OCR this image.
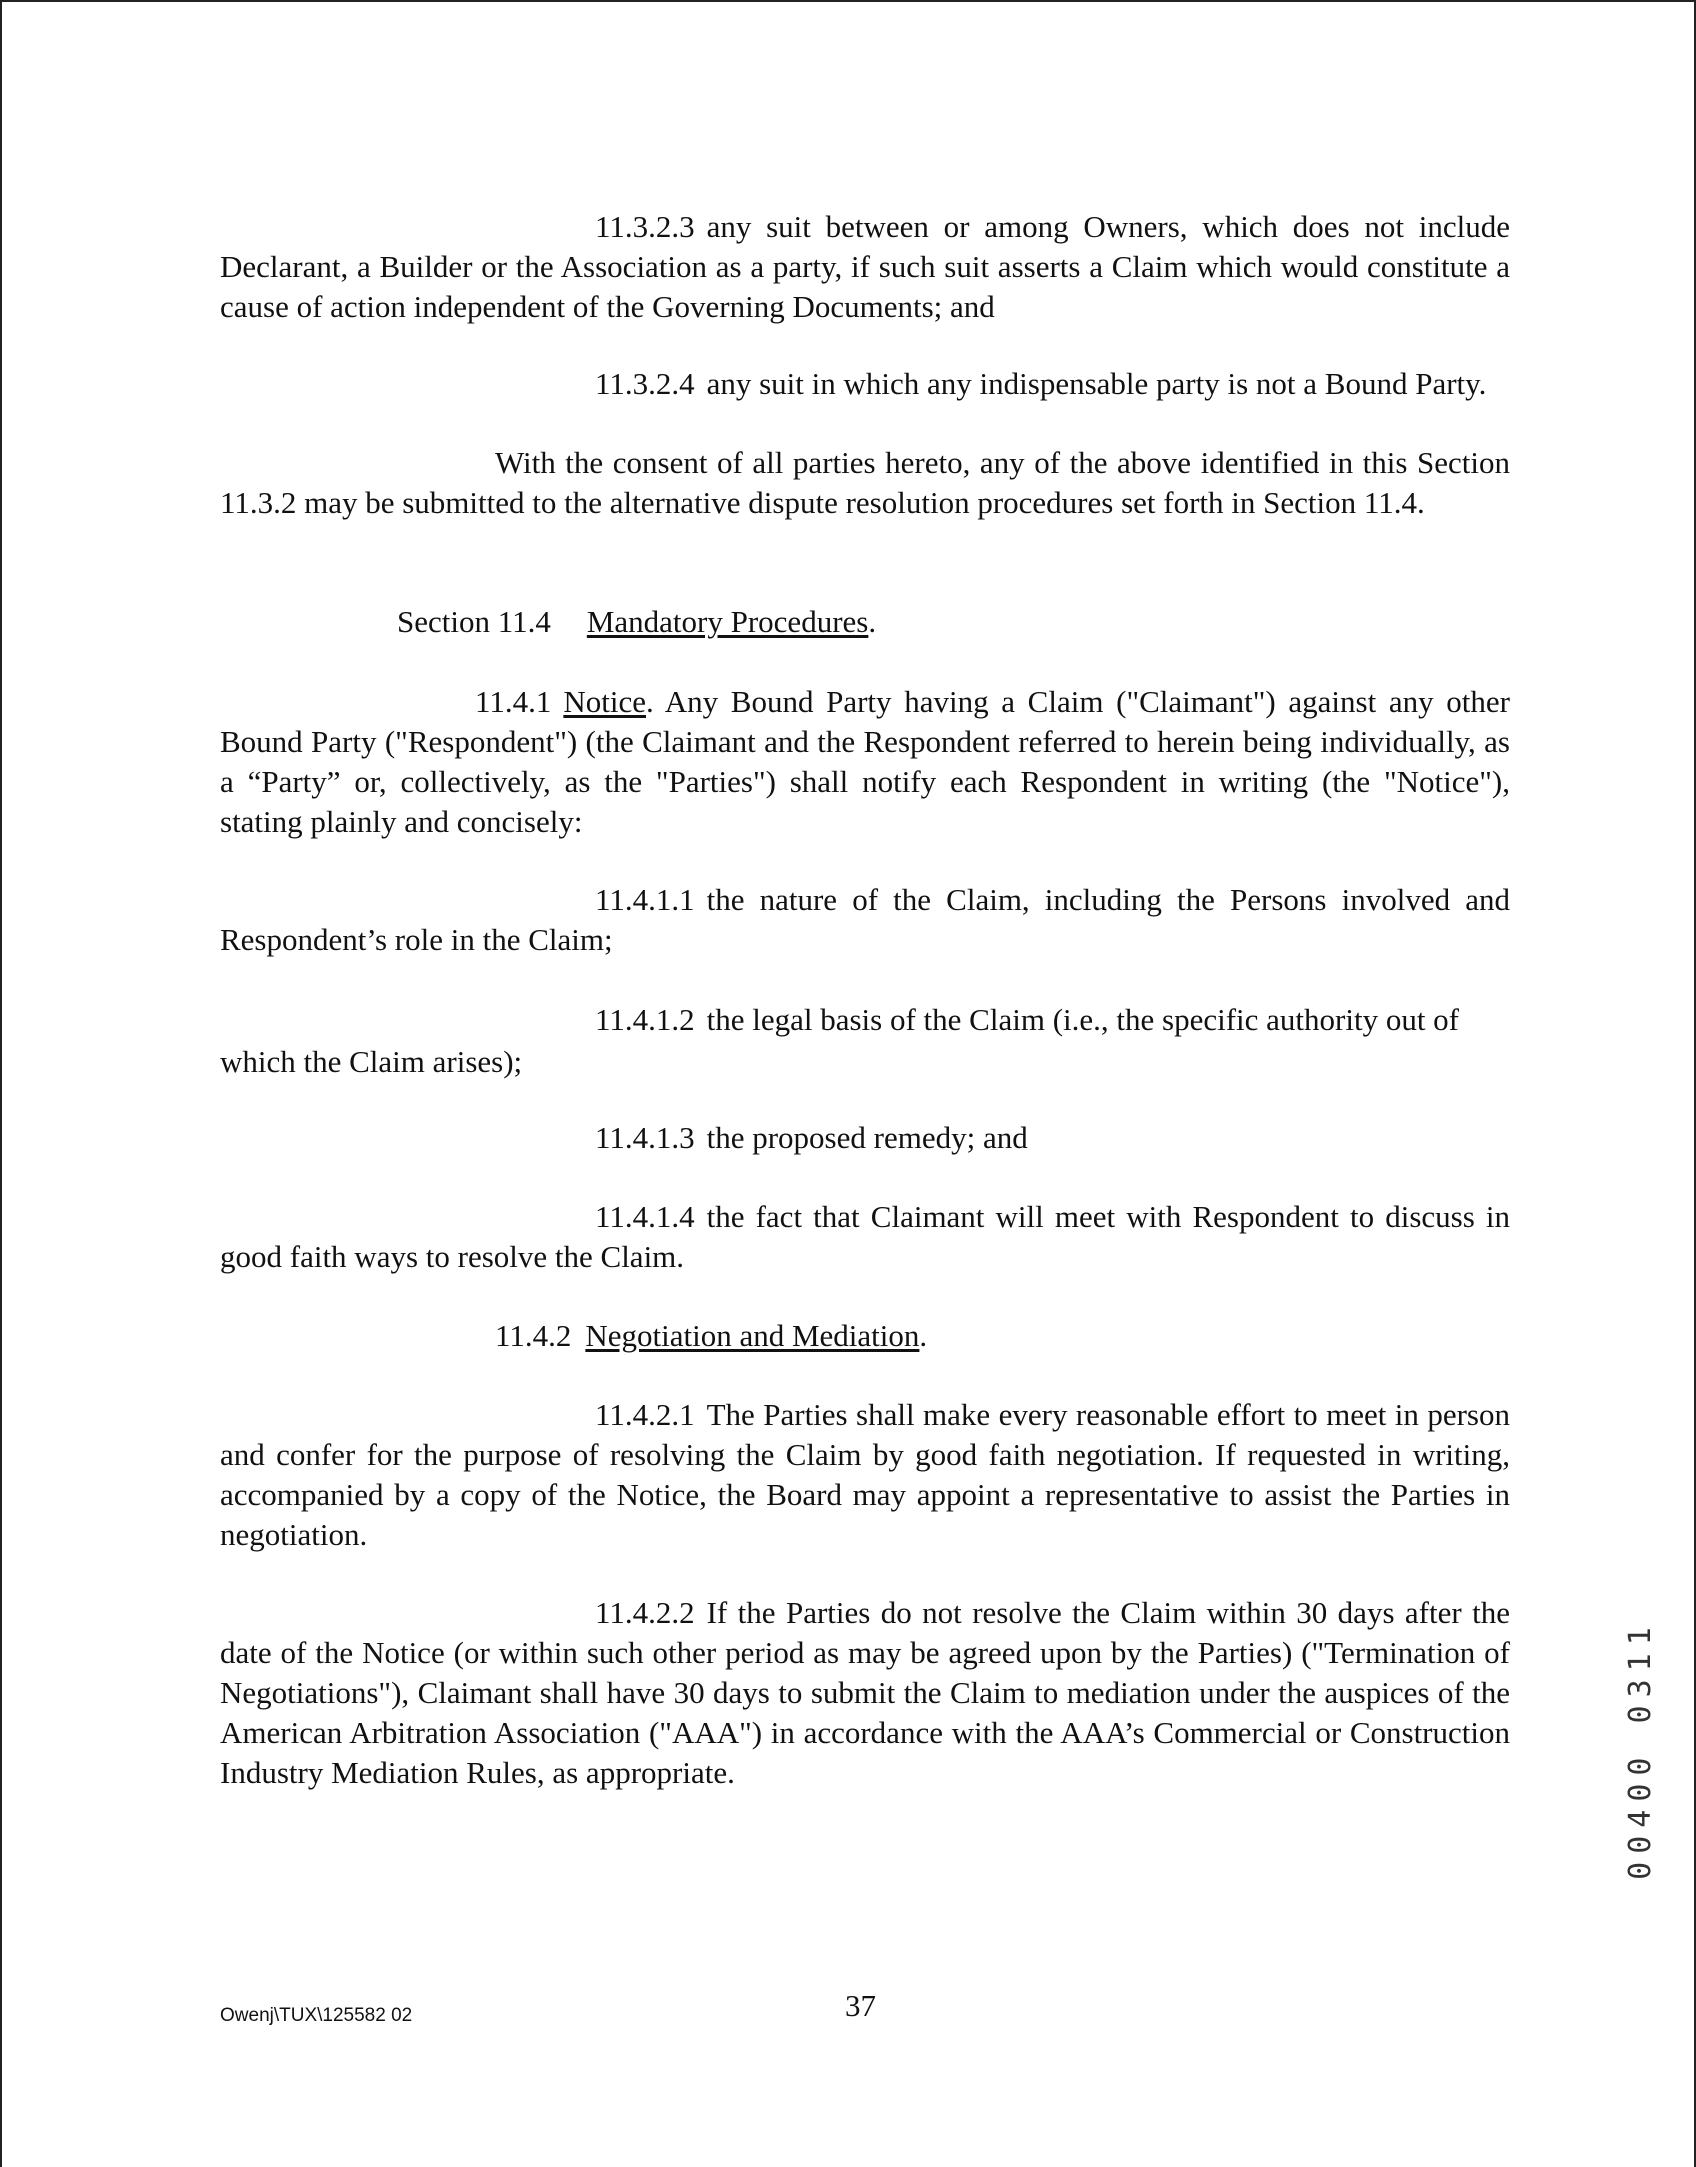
11.3.2.3 any suit between or among Owners, which does not include Declarant, a Builder or the Association as a party, if such suit asserts a Claim which would constitute a cause of action independent of the Governing Documents; and

11.3.2.4 any suit in which any indispensable party is not a Bound Party.

With the consent of all parties hereto, any of the above identified in this Section 11.3.2 may be submitted to the alternative dispute resolution procedures set forth in Section 11.4.

Section 11.4 Mandatory Procedures.

11.4.1 Notice. Any Bound Party having a Claim ("Claimant") against any other Bound Party ("Respondent") (the Claimant and the Respondent referred to herein being individually, as a “Party” or, collectively, as the "Parties") shall notify each Respondent in writing (the "Notice"), stating plainly and concisely:

11.4.1.1 the nature of the Claim, including the Persons involved and Respondent’s role in the Claim;

11.4.1.2 the legal basis of the Claim (i.e., the specific authority out of
which the Claim arises);

11.4.1.3 the proposed remedy; and

11.4.1.4 the fact that Claimant will meet with Respondent to discuss in good faith ways to resolve the Claim.

11.4.2 Negotiation and Mediation.

11.4.2.1 The Parties shall make every reasonable effort to meet in person and confer for the purpose of resolving the Claim by good faith negotiation. If requested in writing, accompanied by a copy of the Notice, the Board may appoint a representative to assist the Parties in negotiation.

11.4.2.2 If the Parties do not resolve the Claim within 30 days after the date of the Notice (or within such other period as may be agreed upon by the Parties) ("Termination of Negotiations"), Claimant shall have 30 days to submit the Claim to mediation under the auspices of the American Arbitration Association ("AAA") in accordance with the AAA’s Commercial or Construction Industry Mediation Rules, as appropriate.	00400 0311
Owenj\TUX\125582 02	37
